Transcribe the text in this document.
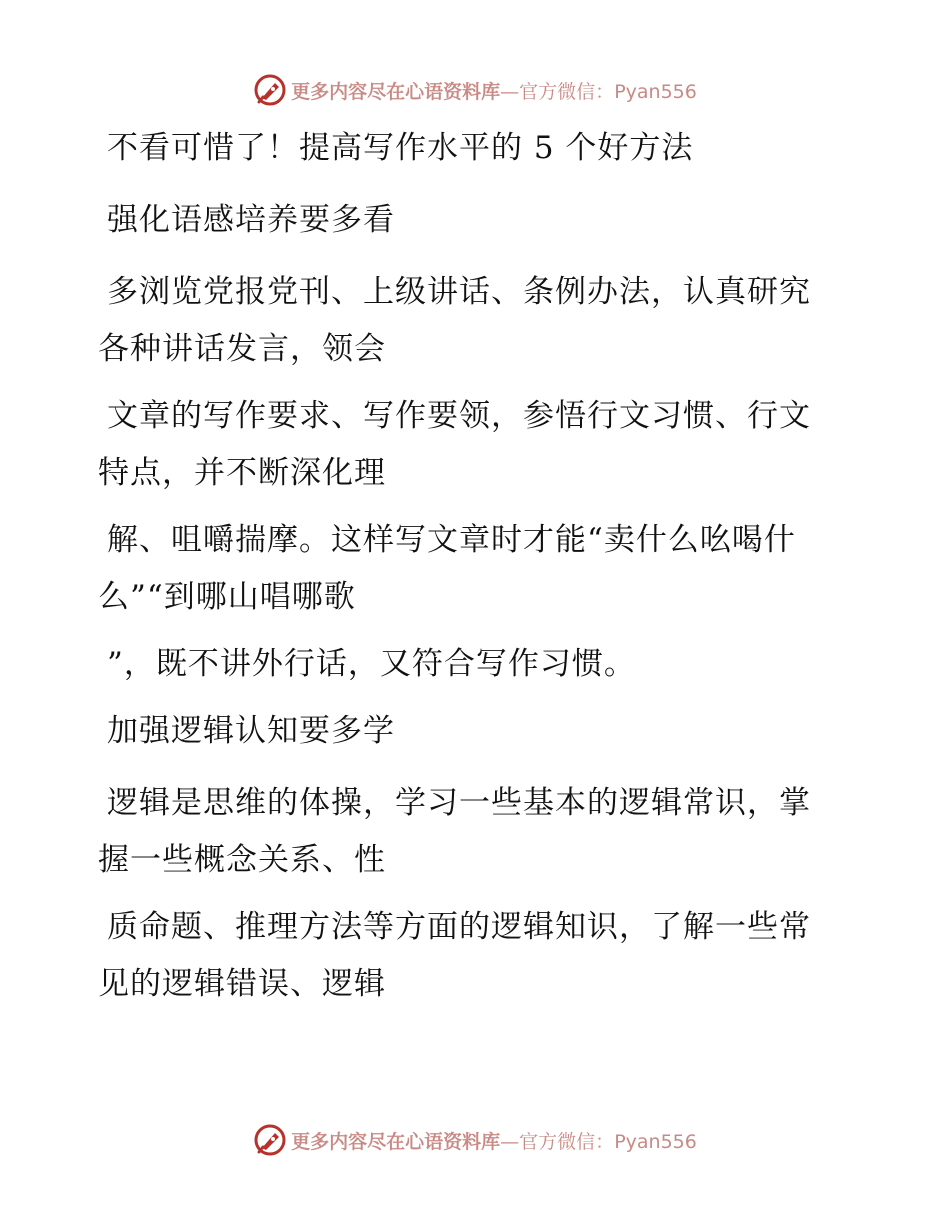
更多内容尽在心语资料库—官方微信：Pyan556

不看可惜了！提高写作水平的 5 个好方法

强化语感培养要多看

多浏览党报党刊、上级讲话、条例办法，认真研究各种讲话发言，领会

文章的写作要求、写作要领，参悟行文习惯、行文特点，并不断深化理

解、咀嚼揣摩。这样写文章时才能“卖什么吆喝什么”“到哪山唱哪歌

”，既不讲外行话，又符合写作习惯。

加强逻辑认知要多学

逻辑是思维的体操，学习一些基本的逻辑常识，掌握一些概念关系、性

质命题、推理方法等方面的逻辑知识，了解一些常见的逻辑错误、逻辑

更多内容尽在心语资料库—官方微信：Pyan556
